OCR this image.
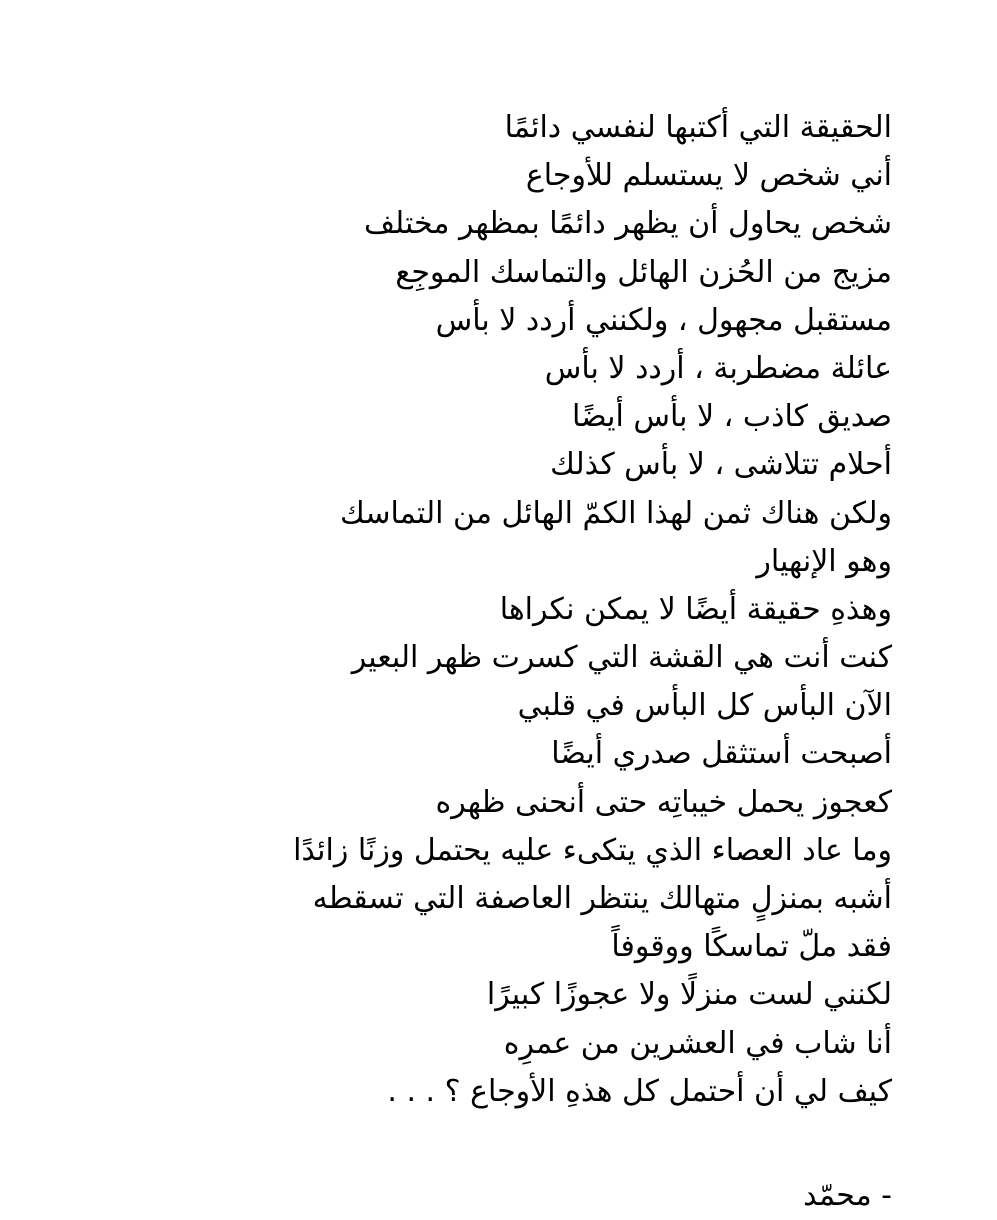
الحقيقة التي أكتبها لنفسي دائمًا
أني شخص لا يستسلم للأوجاع
شخص يحاول أن يظهر دائمًا بمظهر مختلف
مزيج من الحُزن الهائل والتماسك الموجِع
مستقبل مجهول ، ولكنني أردد لا بأس
عائلة مضطربة ، أردد لا بأس
صديق كاذب ، لا بأس أيضًا
أحلام تتلاشى ، لا بأس كذلك
ولكن هناك ثمن لهذا الكمّ الهائل من التماسك
وهو الإنهيار
وهذهِ حقيقة أيضًا لا يمكن نكراها
كنت أنت هي القشة التي كسرت ظهر البعير
الآن البأس كل البأس في قلبي
أصبحت أستثقل صدري أيضًا
كعجوز يحمل خيباتِه حتى أنحنى ظهره
وما عاد العصاء الذي يتكىء عليه يحتمل وزنًا زائدًا
أشبه بمنزلٍ متهالك ينتظر العاصفة التي تسقطه
فقد ملّ تماسكًا ووقوفاً
لكنني لست منزلًا ولا عجوزًا كبيرًا
أنا شاب في العشرين من عمرِه
كيف لي أن أحتمل كل هذهِ الأوجاع ؟ . . .
- محمّد
